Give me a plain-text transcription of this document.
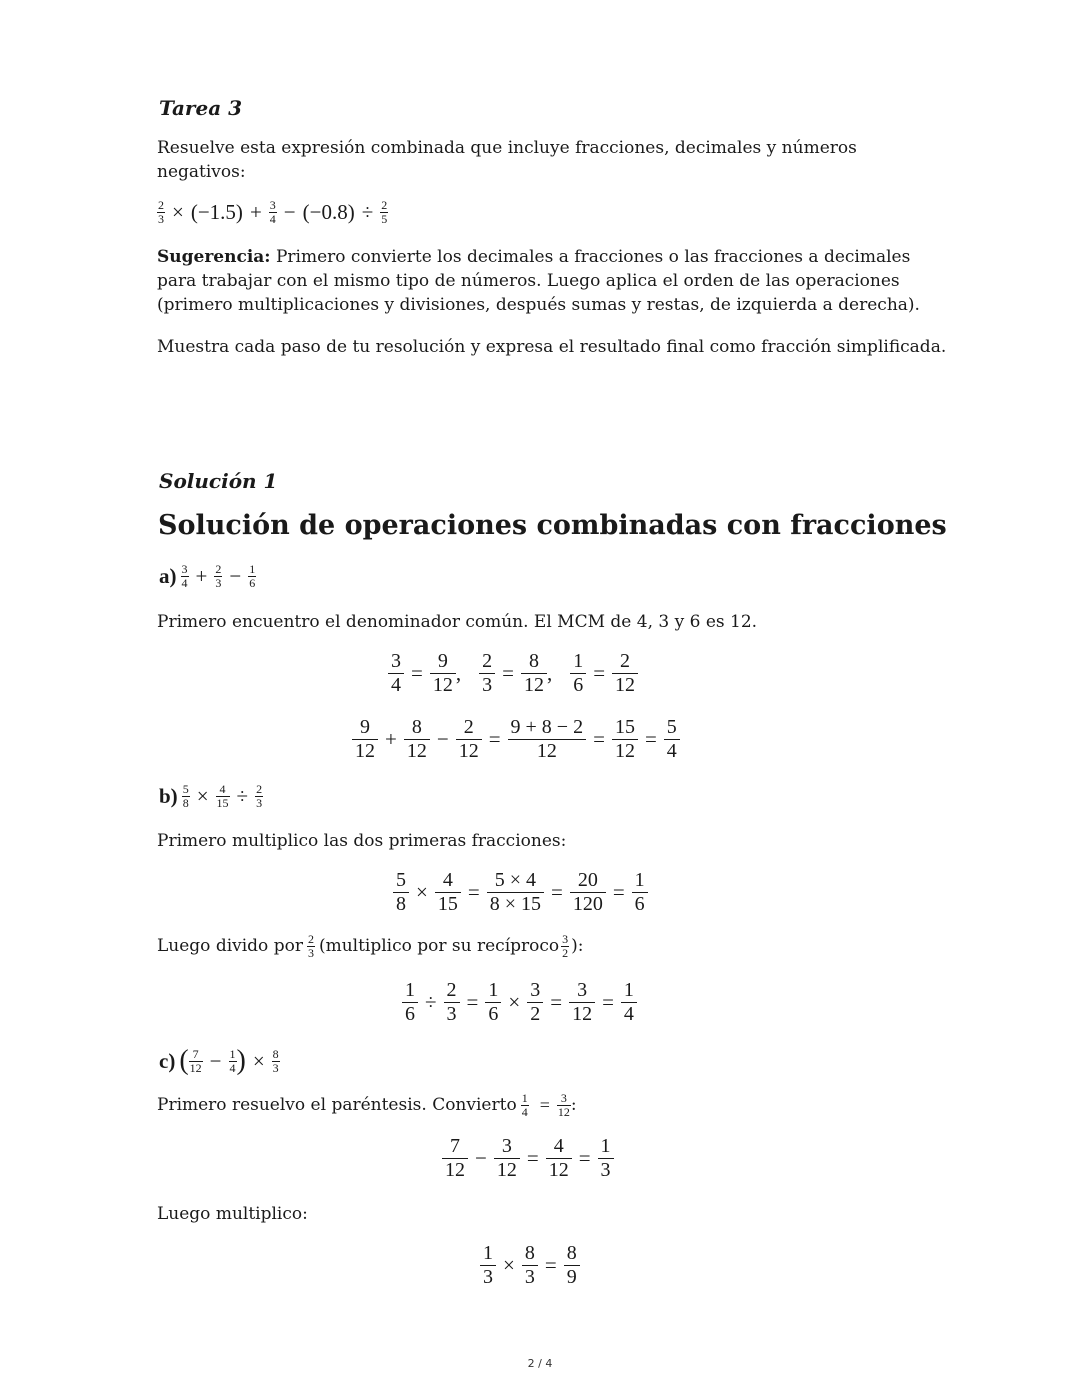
Tarea 3
Resuelve esta expresión combinada que incluye fracciones, decimales y números
negativos:
$\frac{2}{3} \times (-1.5) + \frac{3}{4} - (-0.8) \div \frac{2}{5}$
Sugerencia: Primero convierte los decimales a fracciones o las fracciones a decimales
para trabajar con el mismo tipo de números. Luego aplica el orden de las operaciones
(primero multiplicaciones y divisiones, después sumas y restas, de izquierda a derecha).
Muestra cada paso de tu resolución y expresa el resultado final como fracción simplificada.
Solución 1
Solución de operaciones combinadas con fracciones
$a) \frac{3}{4} + \frac{2}{3} - \frac{1}{6}$
Primero encuentro el denominador común. El MCM de 4, 3 y 6 es 12.
$\frac{3}{4} = \frac{9}{12}$ , $\frac{2}{3} = \frac{8}{12}$ , $\frac{1}{6} = \frac{2}{12}$
$\frac{9}{12} + \frac{8}{12} - \frac{2}{12} = \frac{9 + 8 - 2}{12} = \frac{15}{12} = \frac{5}{4}$
$b) \frac{5}{8} \times \frac{4}{15} \div \frac{2}{3}$
Primero multiplico las dos primeras fracciones:
$\frac{5}{8} \times \frac{4}{15} = \frac{5 \times 4}{8 \times 15} = \frac{20}{120} = \frac{1}{6}$
Luego divido por $\frac{2}{3}$ (multiplico por su recíproco $\frac{3}{2}$ ):
$\frac{1}{6} \div \frac{2}{3} = \frac{1}{6} \times \frac{3}{2} = \frac{3}{12} = \frac{1}{4}$
c) ( $\frac{7}{12} - \frac{1}{4}$ ) × $\frac{8}{3}$
Primero resuelvo el paréntesis. Convierto $\frac{1}{4} = \frac{3}{12}$ :
$\frac{7}{12} - \frac{3}{12} = \frac{4}{12} = \frac{1}{3}$
Luego multiplico:
$\frac{1}{3} \times \frac{8}{3} = \frac{8}{9}$
2 / 4
